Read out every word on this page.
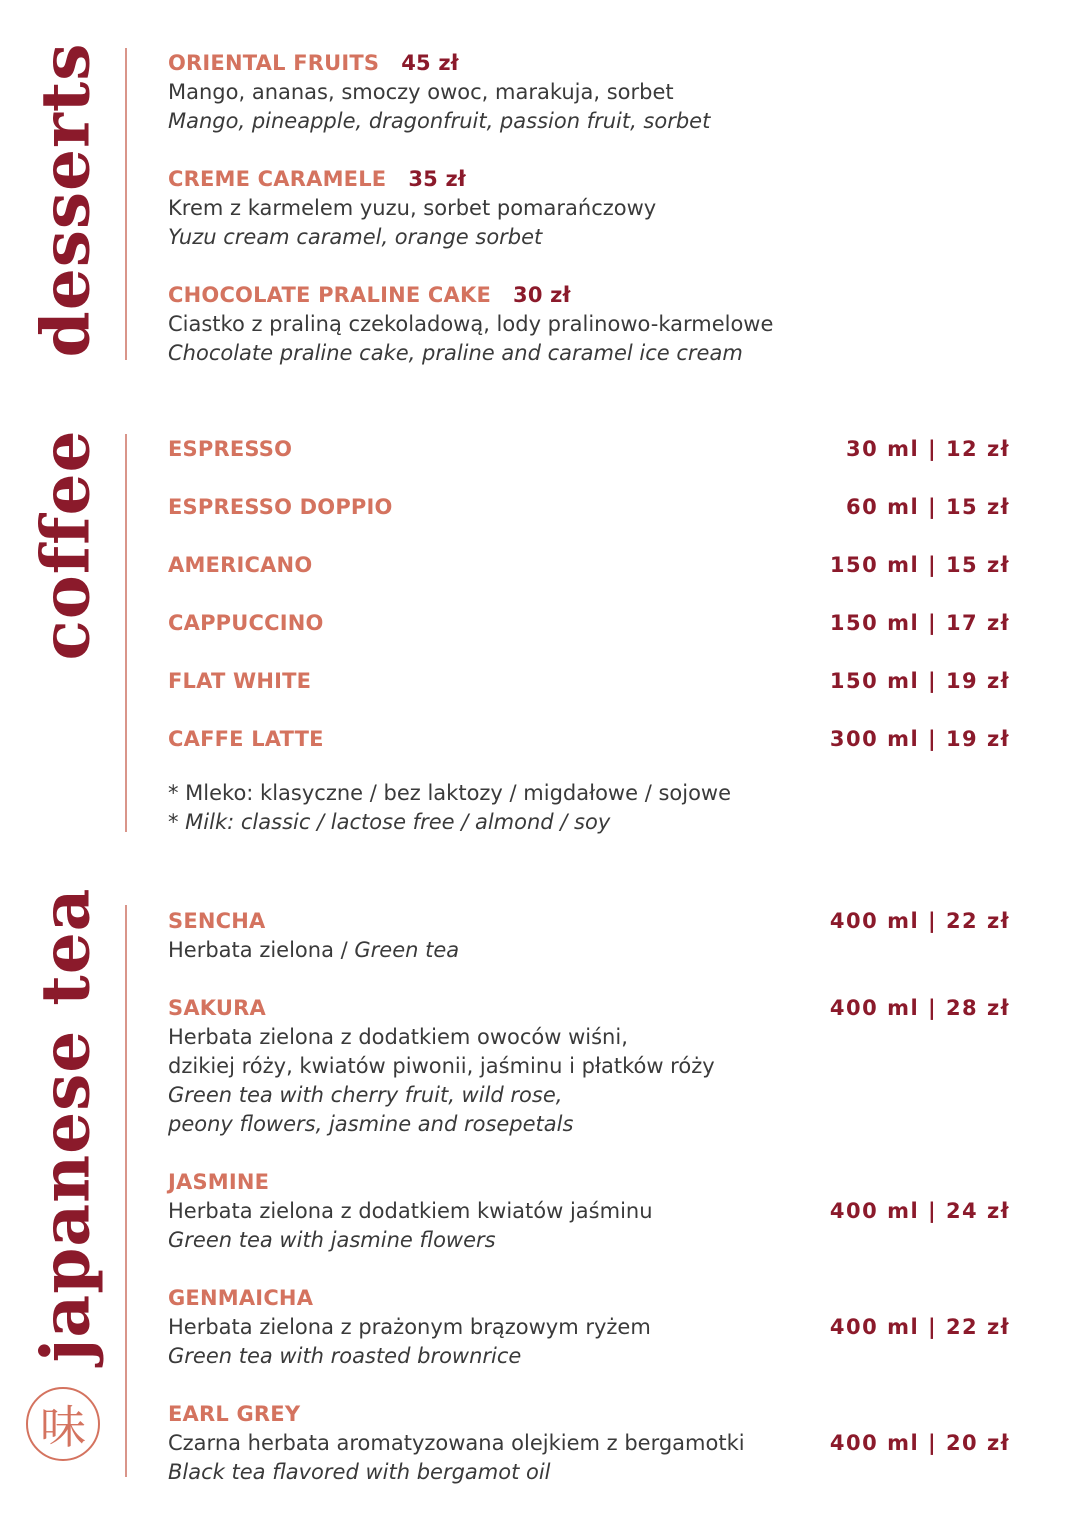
desserts
coffee
japanese tea
味
ORIENTAL FRUITS 45 zł
Mango, ananas, smoczy owoc, marakuja, sorbet
Mango, pineapple, dragonfruit, passion fruit, sorbet
CREME CARAMELE 35 zł
Krem z karmelem yuzu, sorbet pomarańczowy
Yuzu cream caramel, orange sorbet
CHOCOLATE PRALINE CAKE 30 zł
Ciastko z praliną czekoladową, lody pralinowo-karmelowe
Chocolate praline cake, praline and caramel ice cream
ESPRESSO	30 ml | 12 zł
ESPRESSO DOPPIO	60 ml | 15 zł
AMERICANO	150 ml | 15 zł
CAPPUCCINO	150 ml | 17 zł
FLAT WHITE	150 ml | 19 zł
CAFFE LATTE	300 ml | 19 zł
* Mleko: klasyczne / bez laktozy / migdałowe / sojowe
* Milk: classic / lactose free / almond / soy
SENCHA
Herbata zielona / Green tea
400 ml | 22 zł
SAKURA
Herbata zielona z dodatkiem owoców wiśni,
dzikiej róży, kwiatów piwonii, jaśminu i płatków róży
Green tea with cherry fruit, wild rose,
peony flowers, jasmine and rosepetals
400 ml | 28 zł
JASMINE
Herbata zielona z dodatkiem kwiatów jaśminu
Green tea with jasmine flowers
400 ml | 24 zł
GENMAICHA
Herbata zielona z prażonym brązowym ryżem
Green tea with roasted brownrice
400 ml | 22 zł
EARL GREY
Czarna herbata aromatyzowana olejkiem z bergamotki
Black tea flavored with bergamot oil
400 ml | 20 zł
